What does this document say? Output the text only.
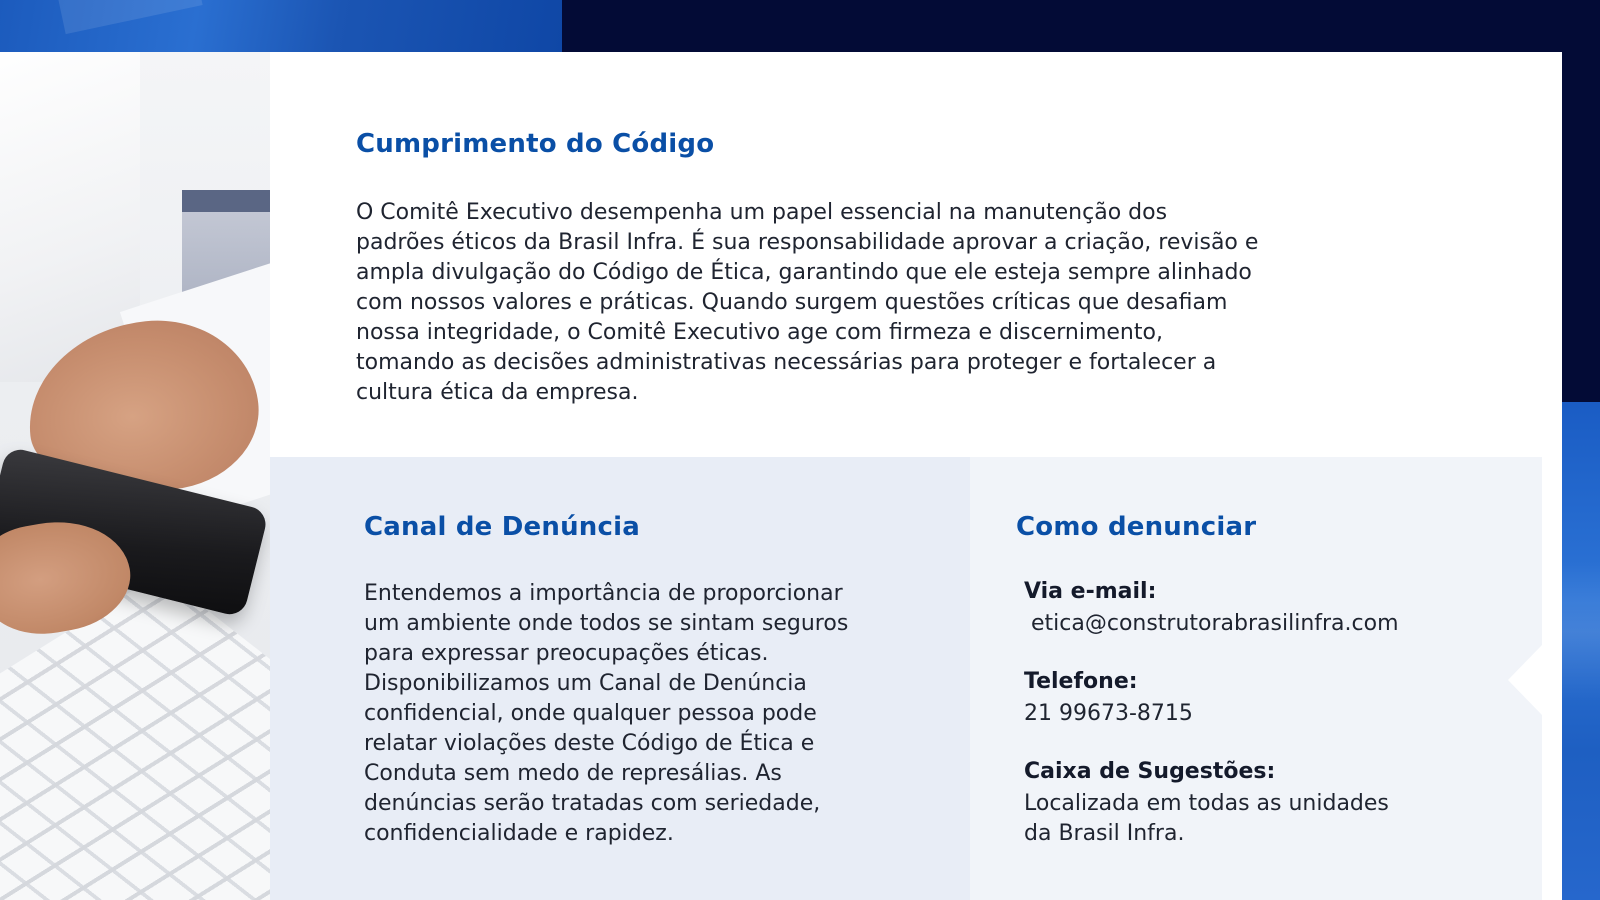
Cumprimento do Código
O Comitê Executivo desempenha um papel essencial na manutenção dos
padrões éticos da Brasil Infra. É sua responsabilidade aprovar a criação, revisão e
ampla divulgação do Código de Ética, garantindo que ele esteja sempre alinhado
com nossos valores e práticas. Quando surgem questões críticas que desafiam
nossa integridade, o Comitê Executivo age com firmeza e discernimento,
tomando as decisões administrativas necessárias para proteger e fortalecer a
cultura ética da empresa.
Canal de Denúncia
Entendemos a importância de proporcionar
um ambiente onde todos se sintam seguros
para expressar preocupações éticas.
Disponibilizamos um Canal de Denúncia
confidencial, onde qualquer pessoa pode
relatar violações deste Código de Ética e
Conduta sem medo de represálias. As
denúncias serão tratadas com seriedade,
confidencialidade e rapidez.
Como denunciar
Via e-mail:
etica@construtorabrasilinfra.com
Telefone:
21 99673-8715
Caixa de Sugestões:
Localizada em todas as unidades
da Brasil Infra.
